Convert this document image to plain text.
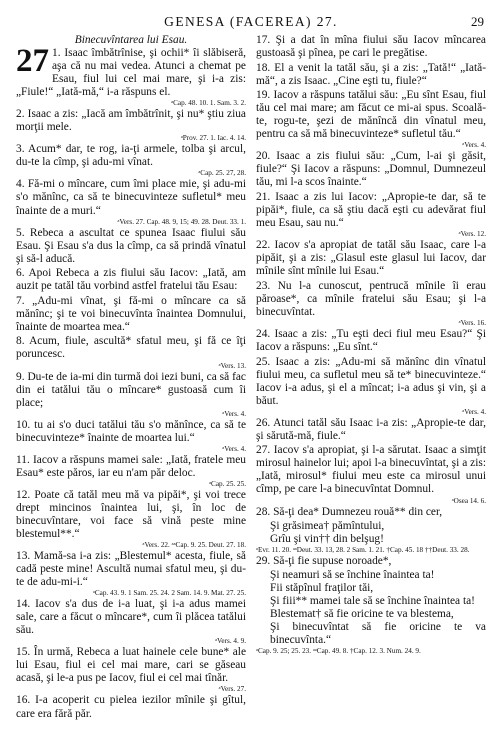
GENESA (FACEREA) 27.	29

Binecuvîntarea lui Esau.

27 1. Isaac îmbătrînise, şi ochii* îi slăbiseră, aşa că nu mai vedea. Atunci a chemat pe Esau, fiul lui cel mai mare, şi i-a zis: „Fiule!“ „Iată-mă,“ i-a răspuns el.
ᵃCap. 48. 10. 1. Sam. 3. 2.

2. Isaac a zis: „Iacă am îmbătrînit, şi nu* ştiu ziua morţii mele.

ᵃProv. 27. 1. Iac. 4. 14.

3. Acum* dar, te rog, ia-ţi armele, tolba şi arcul, du-te la cîmp, şi adu-mi vînat.

ᵃCap. 25. 27, 28.

4. Fă-mi o mîncare, cum îmi place mie, şi adu-mi s'o mănînc, ca să te binecuvinteze sufletul* meu înainte de a muri.“

ᵃVers. 27. Cap. 48. 9, 15; 49. 28. Deut. 33. 1.

5. Rebeca a ascultat ce spunea Isaac fiului său Esau. Şi Esau s'a dus la cîmp, ca să prindă vînatul şi să-l aducă.

6. Apoi Rebeca a zis fiului său Iacov: „Iată, am auzit pe tatăl tău vorbind astfel fratelui tău Esau:

7. „Adu-mi vînat, şi fă-mi o mîncare ca să mănînc; şi te voi binecuvînta înaintea Domnului, înainte de moartea mea.“

8. Acum, fiule, ascultă* sfatul meu, şi fă ce îţi poruncesc.

ᵃVers. 13.

9. Du-te de ia-mi din turmă doi iezi buni, ca să fac din ei tatălui tău o mîncare* gustoasă cum îi place;

ᵃVers. 4.

10. tu ai s'o duci tatălui tău s'o mănînce, ca să te binecuvinteze* înainte de moartea lui.“

ᵃVers. 4.

11. Iacov a răspuns mamei sale: „Iată, fratele meu Esau* este păros, iar eu n'am păr deloc.

ᵃCap. 25. 25.

12. Poate că tatăl meu mă va pipăi*, şi voi trece drept mincinos înaintea lui, şi, în loc de binecuvîntare, voi face să vină peste mine blestemul**.“

ᵃVers. 22. ᵃᵃCap. 9. 25. Deut. 27. 18.

13. Mamă-sa i-a zis: „Blestemul* acesta, fiule, să cadă peste mine! Ascultă numai sfatul meu, şi du-te de adu-mi-i.“

ᵃCap. 43. 9. 1 Sam. 25. 24. 2 Sam. 14. 9. Mat. 27. 25.

14. Iacov s'a dus de i-a luat, şi i-a adus mamei sale, care a făcut o mîncare*, cum îi plăcea tatălui său.

ᵃVers. 4. 9.

15. În urmă, Rebeca a luat hainele cele bune* ale lui Esau, fiul ei cel mai mare, cari se găseau acasă, şi le-a pus pe Iacov, fiul ei cel mai tînăr.

ᵃVers. 27.

16. I-a acoperit cu pielea iezilor mînile şi gîtul, care era fără păr.

17. Şi a dat în mîna fiului său Iacov mîncarea gustoasă şi pînea, pe cari le pregătise.

18. El a venit la tatăl său, şi a zis: „Tată!“ „Iată-mă“, a zis Isaac. „Cine eşti tu, fiule?“

19. Iacov a răspuns tatălui său: „Eu sînt Esau, fiul tău cel mai mare; am făcut ce mi-ai spus. Scoală-te, rogu-te, şezi de mănîncă din vînatul meu, pentru ca să mă binecuvinteze* sufletul tău.“

ᵃVers. 4.

20. Isaac a zis fiului său: „Cum, l-ai şi găsit, fiule?“ Şi Iacov a răspuns: „Domnul, Dumnezeul tău, mi l-a scos înainte.“

21. Isaac a zis lui Iacov: „Apropie-te dar, să te pipăi*, fiule, ca să ştiu dacă eşti cu adevărat fiul meu Esau, sau nu.“

ᵃVers. 12.

22. Iacov s'a apropiat de tatăl său Isaac, care l-a pipăit, şi a zis: „Glasul este glasul lui Iacov, dar mînile sînt mînile lui Esau.“

23. Nu l-a cunoscut, pentrucă mînile îi erau păroase*, ca mînile fratelui său Esau; şi l-a binecuvîntat.

ᵃVers. 16.

24. Isaac a zis: „Tu eşti deci fiul meu Esau?“ Şi Iacov a răspuns: „Eu sînt.“

25. Isaac a zis: „Adu-mi să mănînc din vînatul fiului meu, ca sufletul meu să te* binecuvinteze.“ Iacov i-a adus, şi el a mîncat; i-a adus şi vin, şi a băut.

ᵃVers. 4.

26. Atunci tatăl său Isaac i-a zis: „Apropie-te dar, şi sărută-mă, fiule.“

27. Iacov s'a apropiat, şi l-a sărutat. Isaac a simţit mirosul hainelor lui; apoi l-a binecuvîntat, şi a zis: „Iată, mirosul* fiului meu este ca mirosul unui cîmp, pe care l-a binecuvîntat Domnul.

ᵃOsea 14. 6.

28. Să-ţi dea* Dumnezeu rouă** din cer,

Şi grăsimea† pămîntului,
Grîu şi vin†† din belşug!
ᵃEvr. 11. 20. ᵃᵃDeut. 33. 13, 28. 2 Sam. 1. 21. †Cap. 45. 18 ††Deut. 33. 28.

29. Să-ţi fie supuse noroade*,

Şi neamuri să se închine înaintea ta!
Fii stăpînul fraţilor tăi,
Şi fiii** mamei tale să se închine înaintea ta!
Blestemat† să fie oricine te va blestema,
Şi binecuvîntat să fie oricine te va binecuvînta.“
ᵃCap. 9. 25; 25. 23. ᵃᵃCap. 49. 8. †Cap. 12. 3. Num. 24. 9.
